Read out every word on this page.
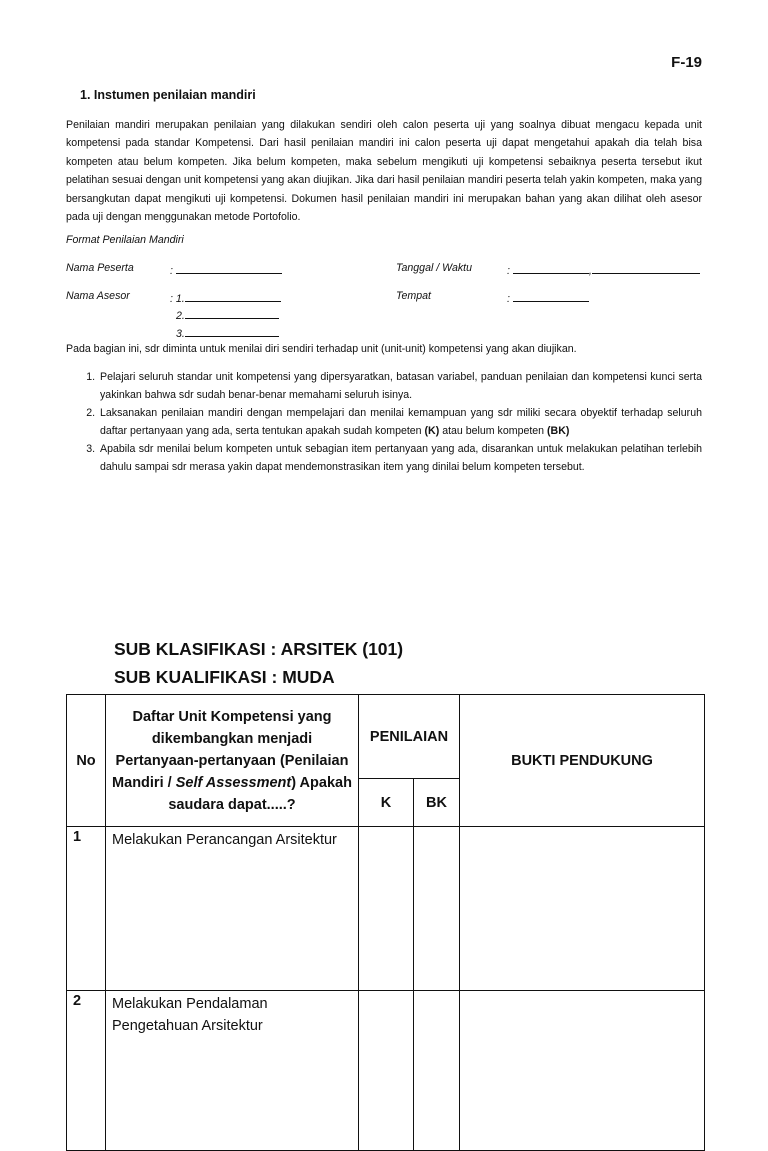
F-19
1. Instumen penilaian mandiri
Penilaian mandiri merupakan penilaian yang dilakukan sendiri oleh calon peserta uji yang soalnya dibuat mengacu kepada unit kompetensi pada standar Kompetensi. Dari hasil penilaian mandiri ini calon peserta uji dapat mengetahui apakah dia telah bisa kompeten atau belum kompeten. Jika belum kompeten, maka sebelum mengikuti uji kompetensi sebaiknya peserta tersebut ikut pelatihan sesuai dengan unit kompetensi yang akan diujikan. Jika dari hasil penilaian mandiri peserta telah yakin kompeten, maka yang bersangkutan dapat mengikuti uji kompetensi. Dokumen hasil penilaian mandiri ini merupakan bahan yang akan dilihat oleh asesor pada uji dengan menggunakan metode Portofolio.
Format Penilaian Mandiri
Nama Peserta	:	Tanggal / Waktu	:	,
Nama Asesor	: 1.
2.
3.
Tempat	:
Pada bagian ini, sdr diminta untuk menilai diri sendiri terhadap unit (unit-unit) kompetensi yang akan diujikan.
1. Pelajari seluruh standar unit kompetensi yang dipersyaratkan, batasan variabel, panduan penilaian dan kompetensi kunci serta yakinkan bahwa sdr sudah benar-benar memahami seluruh isinya.
2. Laksanakan penilaian mandiri dengan mempelajari dan menilai kemampuan yang sdr miliki secara obyektif terhadap seluruh daftar pertanyaan yang ada, serta tentukan apakah sudah kompeten (K) atau belum kompeten (BK)
3. Apabila sdr menilai belum kompeten untuk sebagian item pertanyaan yang ada, disarankan untuk melakukan pelatihan terlebih dahulu sampai sdr merasa yakin dapat mendemonstrasikan item yang dinilai belum kompeten tersebut.
SUB KLASIFIKASI : ARSITEK (101)
SUB KUALIFIKASI : MUDA
No	Daftar Unit Kompetensi yang dikembangkan menjadi Pertanyaan-pertanyaan (Penilaian Mandiri / Self Assessment) Apakah saudara dapat.....?	PENILAIAN		BUKTI PENDUKUNG
		K	BK	
1	Melakukan Perancangan Arsitektur			
2	Melakukan Pendalaman Pengetahuan Arsitektur			
